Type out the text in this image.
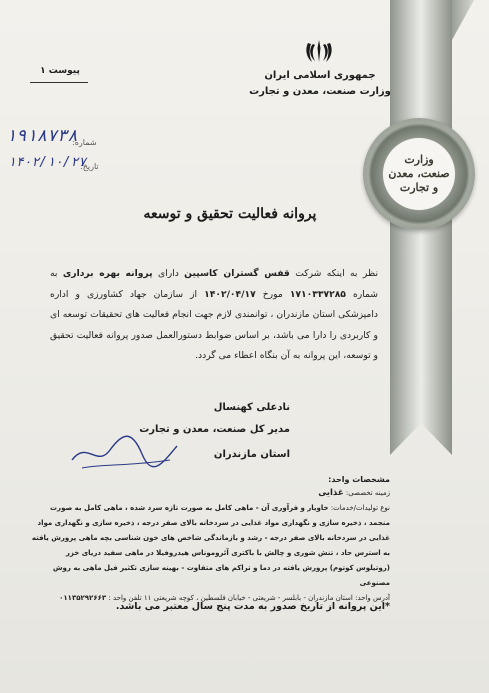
وزارت
صنعت، معدن
و تجارت
جمهوری اسلامی ایران
وزارت صنعت، معدن و تجارت
پیوست ۱
شماره:
۱۹۱۸۷۳۸
تاریخ:
۱۴۰۲/۱۰/۲۷
پروانه فعالیت تحقیق و توسعه
نظر به اینکه شرکت قفس گستران کاسپین دارای پروانه بهره برداری به شماره ۱۷۱۰۳۳۷۲۸۵ مورخ ۱۴۰۲/۰۴/۱۷ از سازمان جهاد کشاورزی و اداره دامپزشکی استان مازندران ، توانمندی لازم جهت انجام فعالیت های تحقیقات توسعه ای و کاربردی را دارا می باشد، بر اساس ضوابط دستورالعمل صدور پروانه فعالیت تحقیق و توسعه، این پروانه به آن بنگاه اعطاء می گردد.
نادعلی کهنسال
مدیر کل صنعت، معدن و تجارت
استان مازندران
مشخصات واحد:
زمینه تخصصی: غذایی
نوع تولیدات/خدمات: خاویار و فرآوری آن - ماهی کامل به صورت تازه سرد شده ، ماهی کامل به صورت منجمد ، ذخیره سازی و نگهداری مواد غذایی در سردخانه بالای صفر درجه ، ذخیره سازی و نگهداری مواد غذایی در سردخانه بالای صفر درجه - رشد و بازماندگی شاخص های خون شناسی بچه ماهی پرورش یافته به استرس حاد ، تنش شوری و چالش با باکتری آئروموناس هیدروفیلا در ماهی سفید دریای خزر (روتیلوس کوتوم) پرورش یافته در دما و تراکم های متفاوت - بهینه سازی تکثیر فیل ماهی به روش مصنوعی
آدرس واحد: استان مازندران - بابلسر - شریعتی - خیابان فلسطین ، کوچه شریعتی ۱۱ تلفن واحد : ۰۱۱۳۵۲۹۲۶۶۳
*این پروانه از تاریخ صدور به مدت پنج سال معتبر می باشد.
